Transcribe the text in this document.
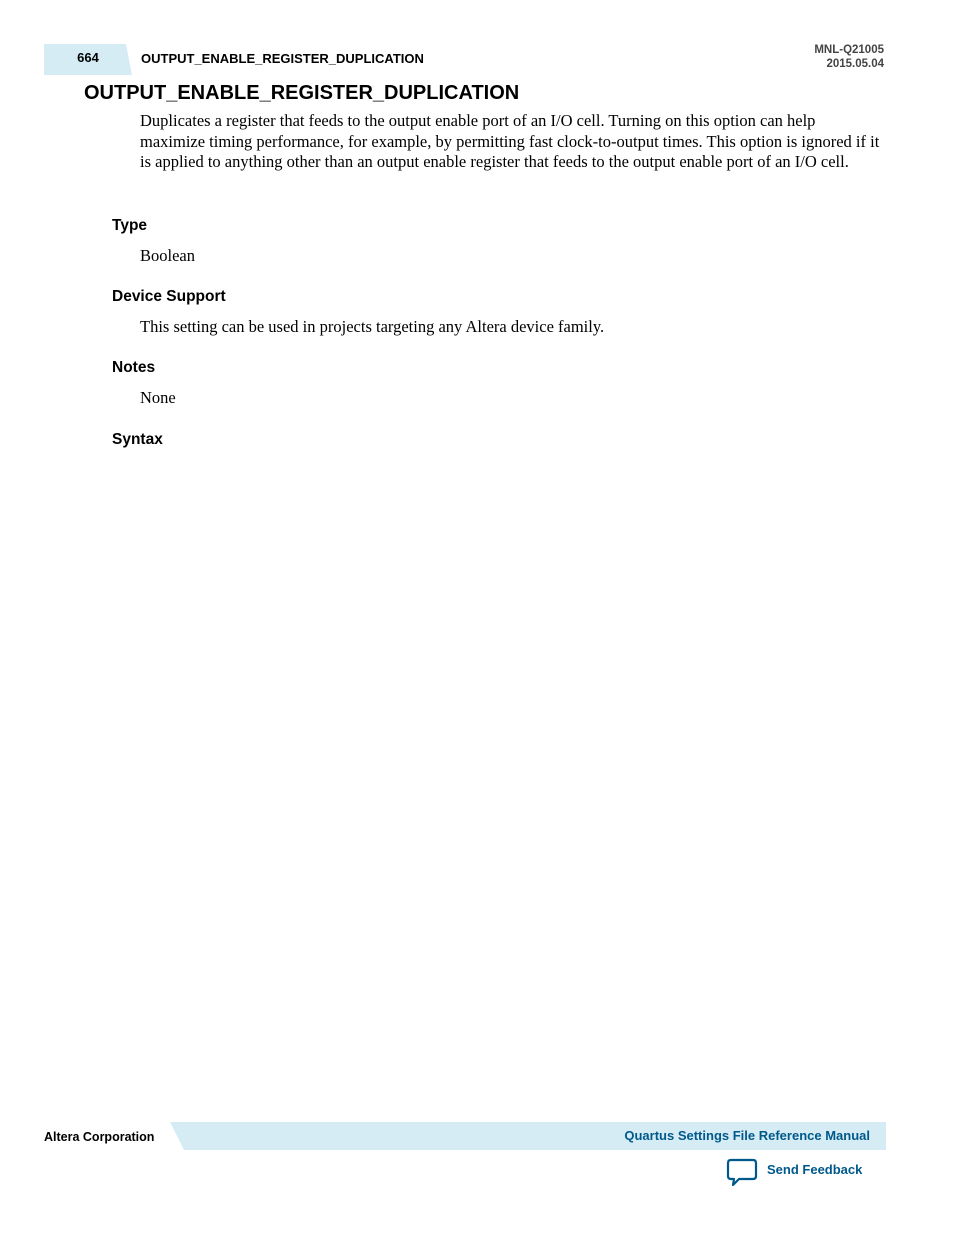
664	OUTPUT_ENABLE_REGISTER_DUPLICATION
MNL-Q21005
2015.05.04
OUTPUT_ENABLE_REGISTER_DUPLICATION

Duplicates a register that feeds to the output enable port of an I/O cell. Turning on this option can help maximize timing performance, for example, by permitting fast clock-to-output times. This option is ignored if it is applied to anything other than an output enable register that feeds to the output enable port of an I/O cell.

Type
Boolean
Device Support
This setting can be used in projects targeting any Altera device family.
Notes
None
Syntax
Altera Corporation	Quartus Settings File Reference Manual
Send Feedback
